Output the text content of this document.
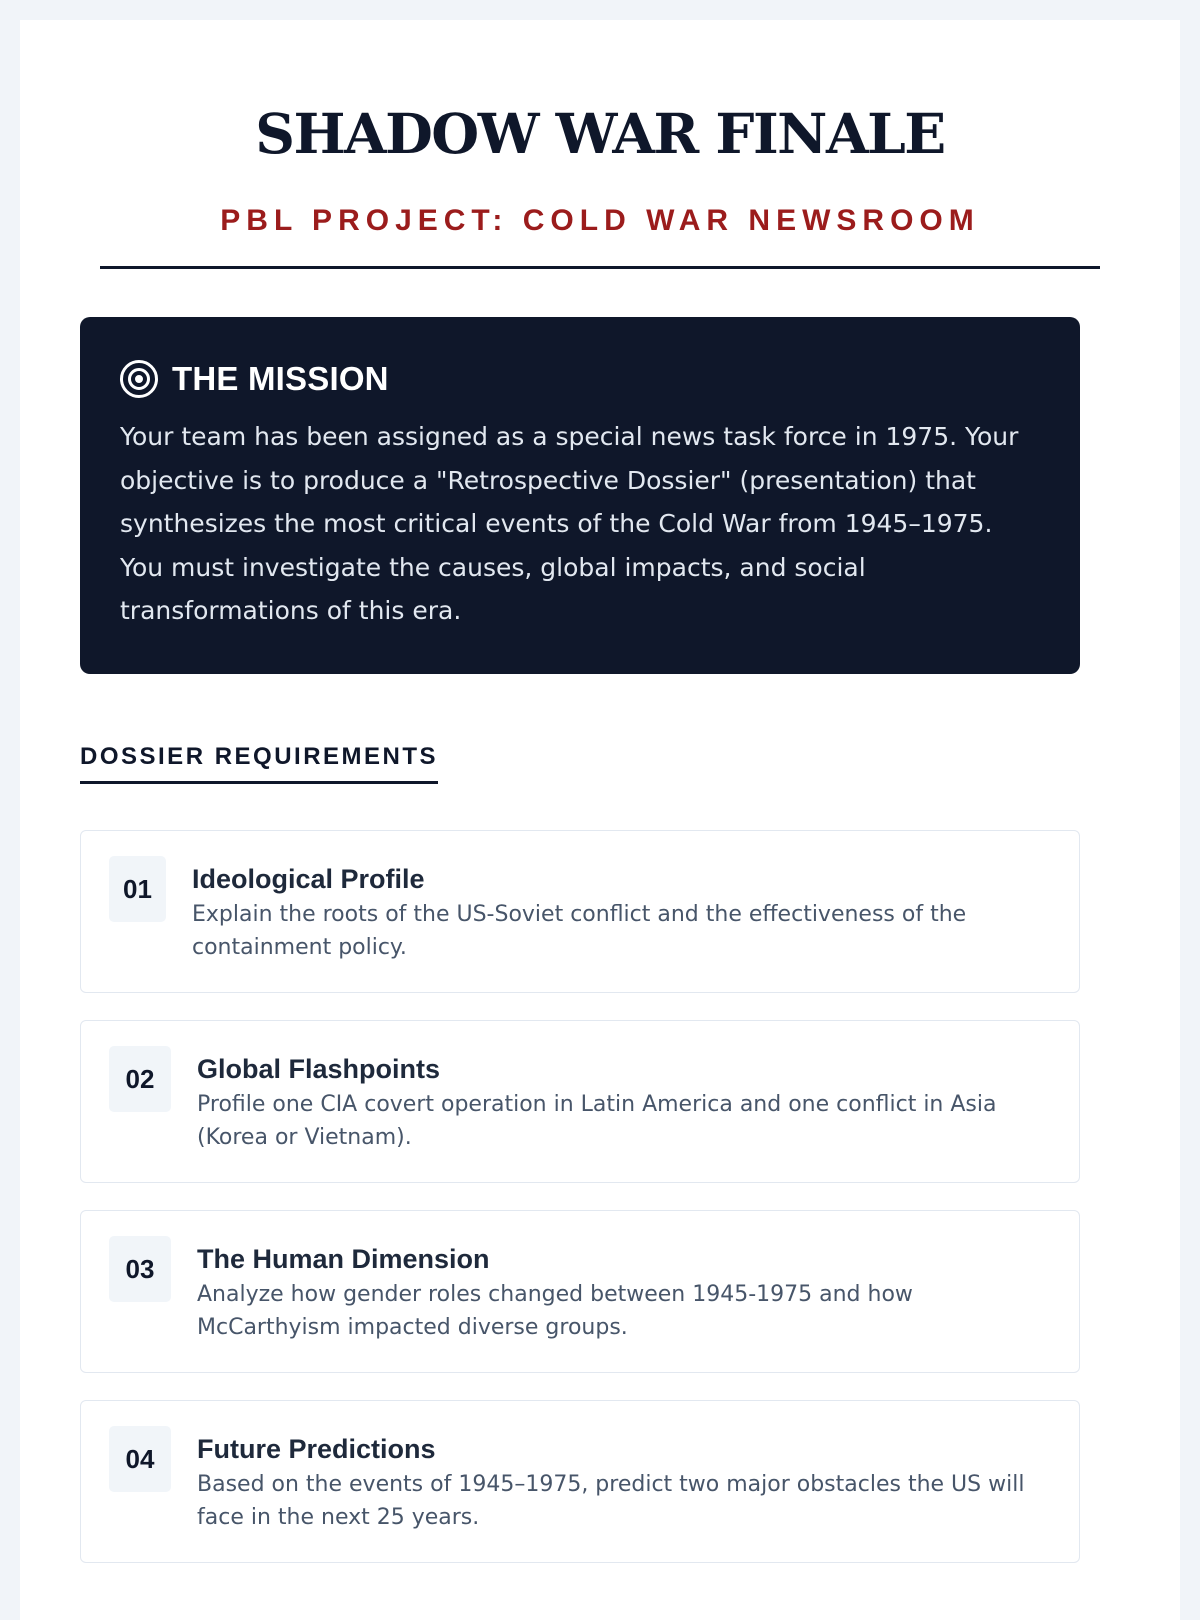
SHADOW WAR FINALE
PBL PROJECT: COLD WAR NEWSROOM
THE MISSION

Your team has been assigned as a special news task force in 1975. Your objective is to produce a "Retrospective Dossier" (presentation) that synthesizes the most critical events of the Cold War from 1945–1975. You must investigate the causes, global impacts, and social transformations of this era.

DOSSIER REQUIREMENTS
01	Ideological Profile
Explain the roots of the US-Soviet conflict and the effectiveness of the containment policy.
02	Global Flashpoints
Profile one CIA covert operation in Latin America and one conflict in Asia (Korea or Vietnam).
03	The Human Dimension
Analyze how gender roles changed between 1945-1975 and how McCarthyism impacted diverse groups.
04	Future Predictions
Based on the events of 1945–1975, predict two major obstacles the US will face in the next 25 years.
